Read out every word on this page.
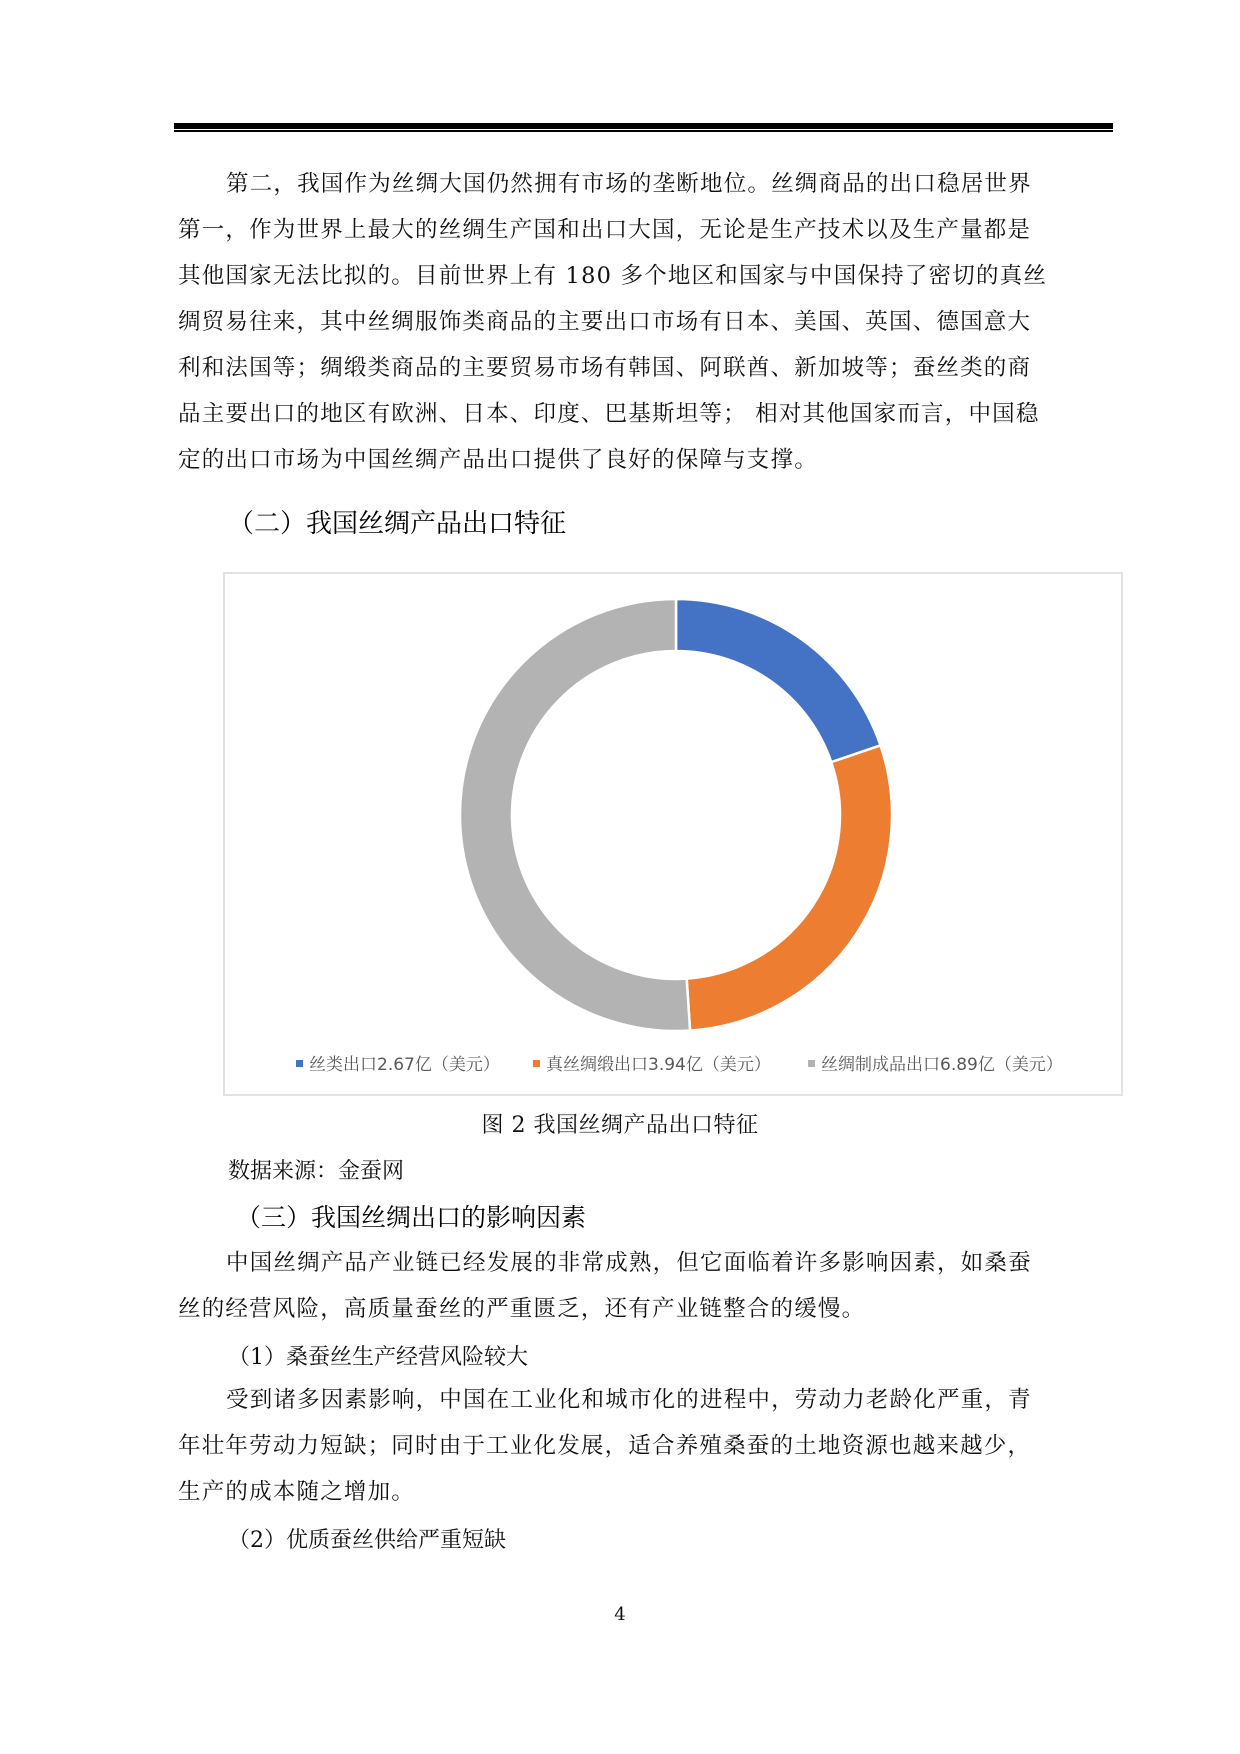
第二，我国作为丝绸大国仍然拥有市场的垄断地位。丝绸商品的出口稳居世界
第一，作为世界上最大的丝绸生产国和出口大国，无论是生产技术以及生产量都是
其他国家无法比拟的。目前世界上有 180 多个地区和国家与中国保持了密切的真丝
绸贸易往来，其中丝绸服饰类商品的主要出口市场有日本、美国、英国、德国意大
利和法国等；绸缎类商品的主要贸易市场有韩国、阿联酋、新加坡等；蚕丝类的商
品主要出口的地区有欧洲、日本、印度、巴基斯坦等； 相对其他国家而言，中国稳
定的出口市场为中国丝绸产品出口提供了良好的保障与支撑。
（二）我国丝绸产品出口特征
丝类出口2.67亿（美元）	真丝绸缎出口3.94亿（美元）	丝绸制成品出口6.89亿（美元）
图 2 我国丝绸产品出口特征
数据来源：金蚕网
（三）我国丝绸出口的影响因素
中国丝绸产品产业链已经发展的非常成熟，但它面临着许多影响因素，如桑蚕
丝的经营风险，高质量蚕丝的严重匮乏，还有产业链整合的缓慢。
（1）桑蚕丝生产经营风险较大
受到诸多因素影响，中国在工业化和城市化的进程中，劳动力老龄化严重，青
年壮年劳动力短缺；同时由于工业化发展，适合养殖桑蚕的土地资源也越来越少，
生产的成本随之增加。
（2）优质蚕丝供给严重短缺
4
